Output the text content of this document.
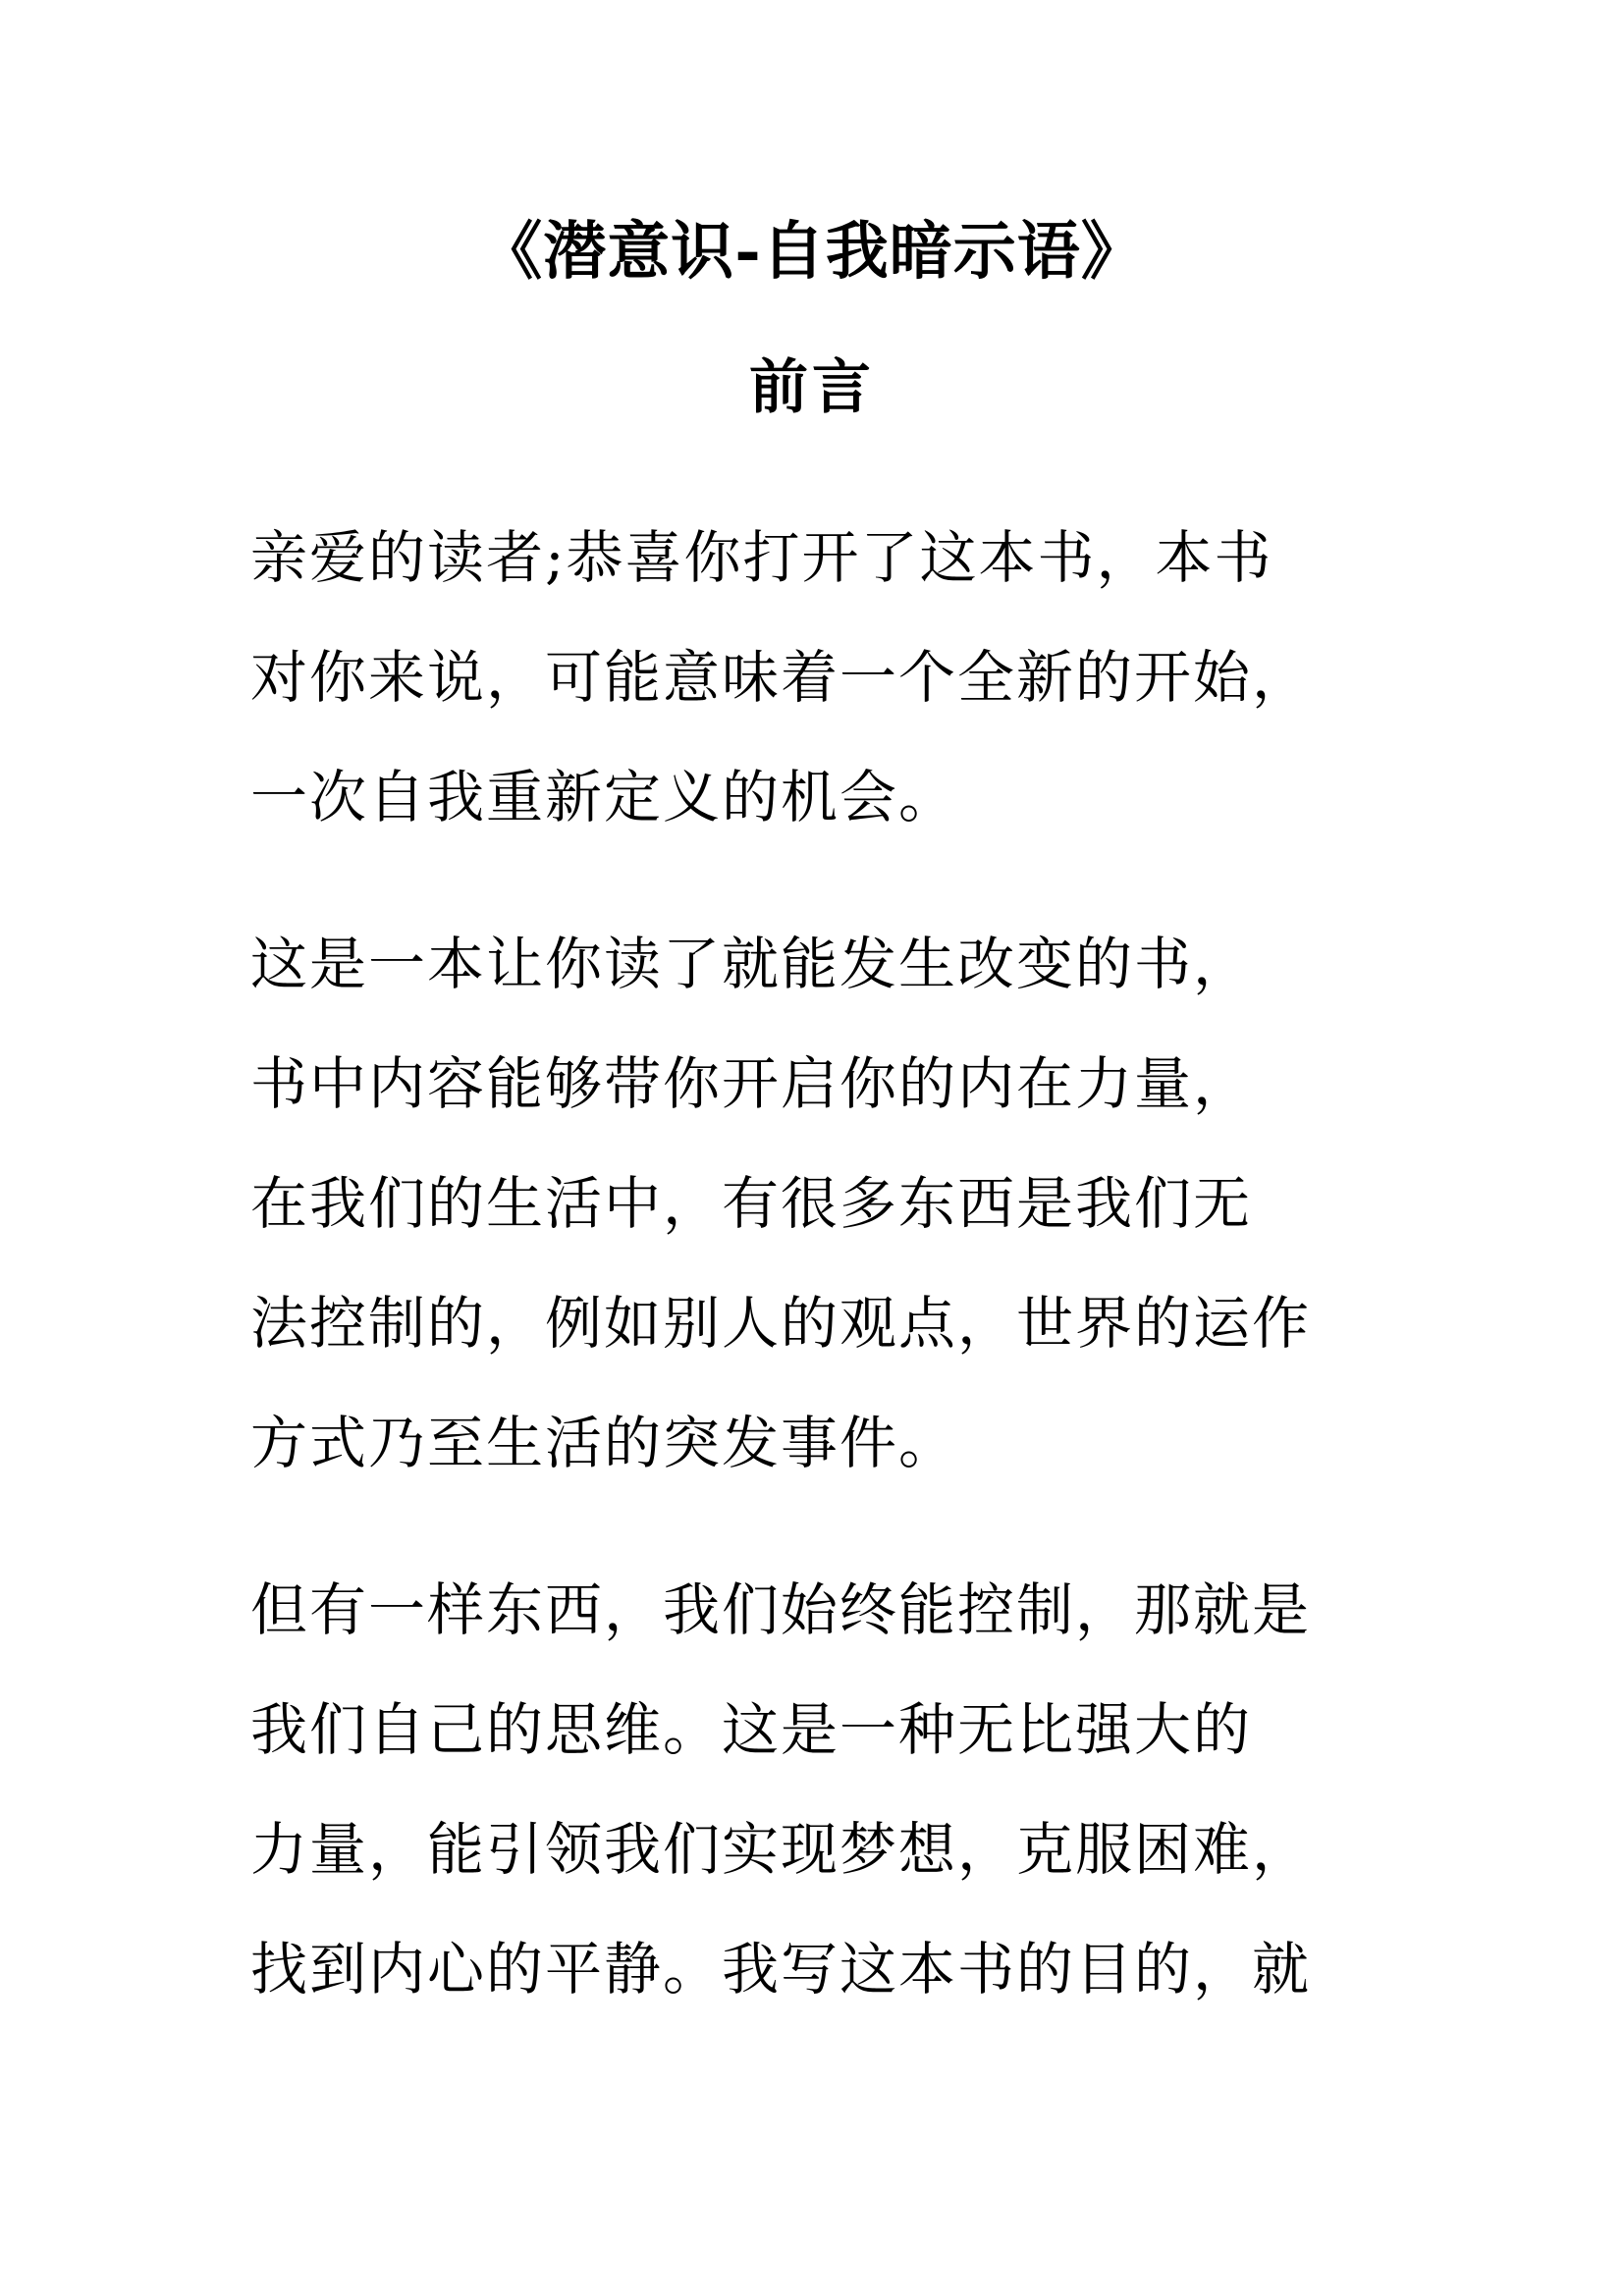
《潜意识-自我暗示语》
前言

亲爱的读者;恭喜你打开了这本书，本书
对你来说，可能意味着一个全新的开始，
一次自我重新定义的机会。

这是一本让你读了就能发生改变的书，
书中内容能够带你开启你的内在力量，
在我们的生活中，有很多东西是我们无
法控制的，例如别人的观点，世界的运作
方式乃至生活的突发事件。

但有一样东西，我们始终能控制，那就是
我们自己的思维。这是一种无比强大的
力量，能引领我们实现梦想，克服困难，
找到内心的平静。我写这本书的目的，就
